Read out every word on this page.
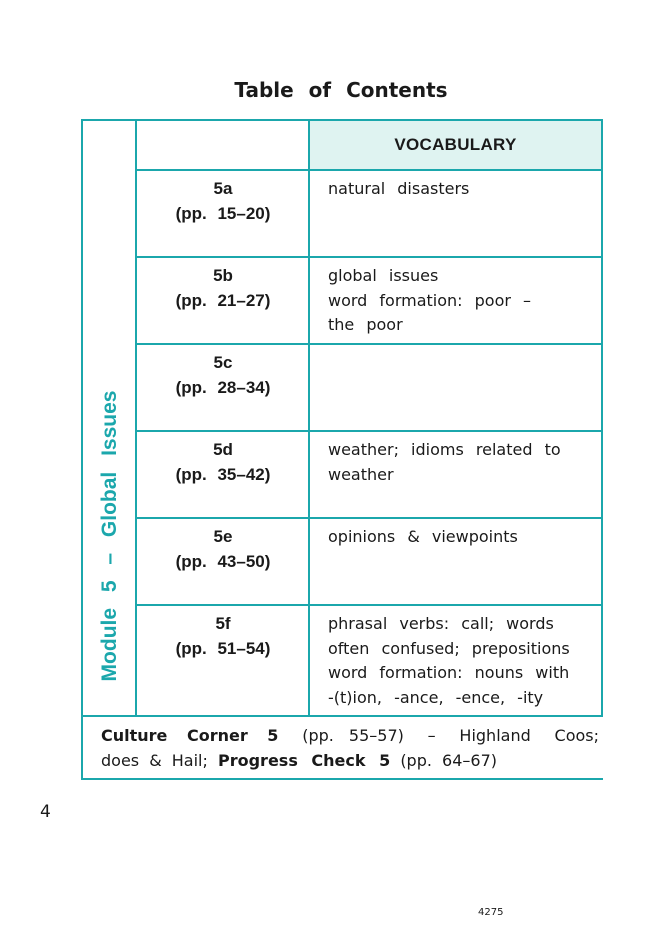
Table of Contents
VOCABULARY
Module 5 – Global Issues
5a
(pp. 15–20)
natural disasters
5b
(pp. 21–27)
global issues
word formation: poor –
the poor
5c
(pp. 28–34)
5d
(pp. 35–42)
weather; idioms related to
weather
5e
(pp. 43–50)
opinions & viewpoints
5f
(pp. 51–54)
phrasal verbs: call; words
often confused; prepositions
word formation: nouns with
-(t)ion, -ance, -ence, -ity
Culture Corner 5 (pp. 55–57) – Highland Coos;
does & Hail; Progress Check 5 (pp. 64–67)
4
4275
